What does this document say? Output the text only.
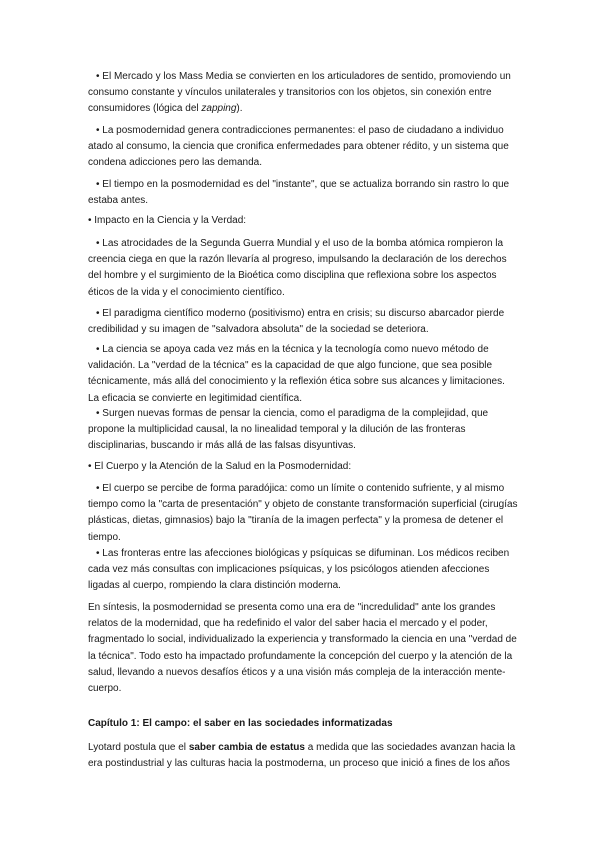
• El Mercado y los Mass Media se convierten en los articuladores de sentido, promoviendo un consumo constante y vínculos unilaterales y transitorios con los objetos, sin conexión entre consumidores (lógica del zapping).

• La posmodernidad genera contradicciones permanentes: el paso de ciudadano a individuo atado al consumo, la ciencia que cronifica enfermedades para obtener rédito, y un sistema que condena adicciones pero las demanda.

• El tiempo en la posmodernidad es del "instante", que se actualiza borrando sin rastro lo que estaba antes.

• Impacto en la Ciencia y la Verdad:

• Las atrocidades de la Segunda Guerra Mundial y el uso de la bomba atómica rompieron la creencia ciega en que la razón llevaría al progreso, impulsando la declaración de los derechos del hombre y el surgimiento de la Bioética como disciplina que reflexiona sobre los aspectos éticos de la vida y el conocimiento científico.

• El paradigma científico moderno (positivismo) entra en crisis; su discurso abarcador pierde credibilidad y su imagen de "salvadora absoluta" de la sociedad se deteriora.

• La ciencia se apoya cada vez más en la técnica y la tecnología como nuevo método de validación. La "verdad de la técnica" es la capacidad de que algo funcione, que sea posible técnicamente, más allá del conocimiento y la reflexión ética sobre sus alcances y limitaciones. La eficacia se convierte en legitimidad científica.

• Surgen nuevas formas de pensar la ciencia, como el paradigma de la complejidad, que propone la multiplicidad causal, la no linealidad temporal y la dilución de las fronteras disciplinarias, buscando ir más allá de las falsas disyuntivas.

• El Cuerpo y la Atención de la Salud en la Posmodernidad:

• El cuerpo se percibe de forma paradójica: como un límite o contenido sufriente, y al mismo tiempo como la "carta de presentación" y objeto de constante transformación superficial (cirugías plásticas, dietas, gimnasios) bajo la "tiranía de la imagen perfecta" y la promesa de detener el tiempo.

• Las fronteras entre las afecciones biológicas y psíquicas se difuminan. Los médicos reciben cada vez más consultas con implicaciones psíquicas, y los psicólogos atienden afecciones ligadas al cuerpo, rompiendo la clara distinción moderna.

En síntesis, la posmodernidad se presenta como una era de "incredulidad" ante los grandes relatos de la modernidad, que ha redefinido el valor del saber hacia el mercado y el poder, fragmentado lo social, individualizado la experiencia y transformado la ciencia en una "verdad de la técnica". Todo esto ha impactado profundamente la concepción del cuerpo y la atención de la salud, llevando a nuevos desafíos éticos y a una visión más compleja de la interacción mente-cuerpo.

Capítulo 1: El campo: el saber en las sociedades informatizadas

Lyotard postula que el saber cambia de estatus a medida que las sociedades avanzan hacia la era postindustrial y las culturas hacia la postmoderna, un proceso que inició a fines de los años
